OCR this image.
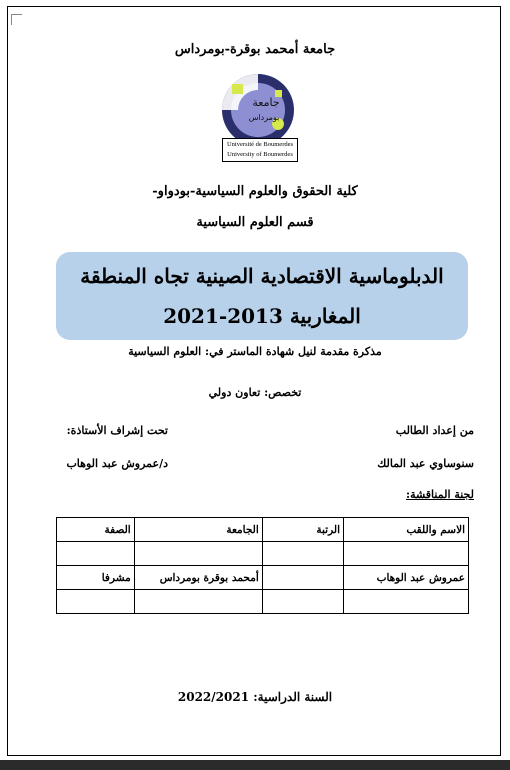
جامعة أمحمد بوقرة-بومرداس
جامعة
بومرداس
Université de Boumerdes
University of Boumerdes
كلية الحقوق والعلوم السياسية-بودواو-
قسم العلوم السياسية
الدبلوماسية الاقتصادية الصينية تجاه المنطقة
المغاربية 2013-2021
مذكرة مقدمة لنيل شهادة الماستر في: العلوم السياسية
تخصص: تعاون دولي
من إعداد الطالب
تحت إشراف الأستاذة:
سنوساوي عبد المالك
د/عمروش عبد الوهاب
لجنة المناقشة:
الاسم واللقب	الرتبة	الجامعة	الصفة

عمروش عبد الوهاب		أمحمد بوقرة بومرداس	مشرفا

السنة الدراسية: 2022/2021
